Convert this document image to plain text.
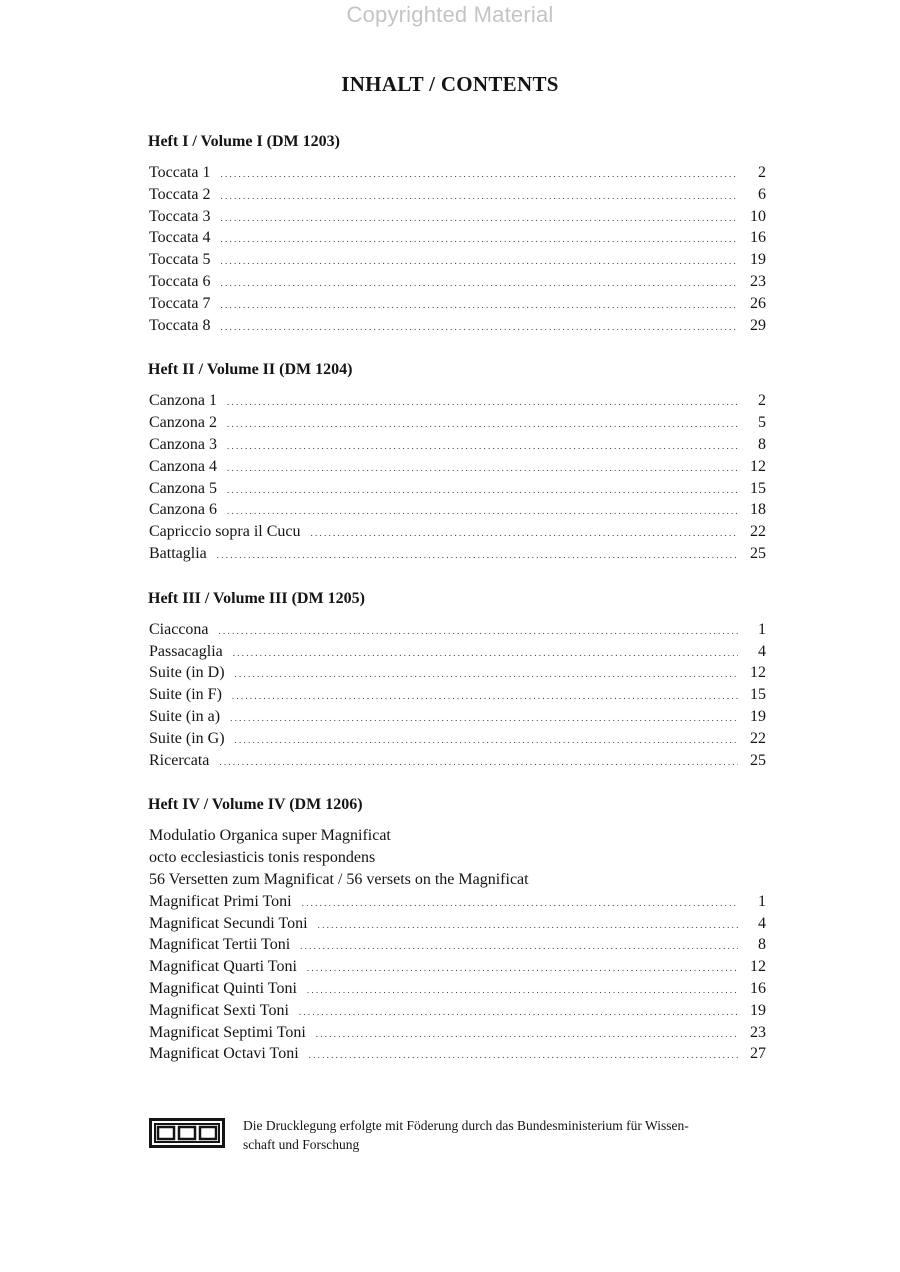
Copyrighted Material
INHALT / CONTENTS
Heft I / Volume I (DM 1203)
Toccata 1 . . .	2
Toccata 2 . . .	6
Toccata 3 . . .	10
Toccata 4 . . .	16
Toccata 5 . . .	19
Toccata 6 . . .	23
Toccata 7 . . .	26
Toccata 8 . . .	29
Heft II / Volume II (DM 1204)
Canzona 1 . . .	2
Canzona 2 . . .	5
Canzona 3 . . .	8
Canzona 4 . . .	12
Canzona 5 . . .	15
Canzona 6 . . .	18
Capriccio sopra il Cucu . . .	22
Battaglia . . .	25
Heft III / Volume III (DM 1205)
Ciaccona . . .	1
Passacaglia . . .	4
Suite (in D) . . .	12
Suite (in F) . . .	15
Suite (in a) . . .	19
Suite (in G) . . .	22
Ricercata . . .	25
Heft IV / Volume IV (DM 1206)
Modulatio Organica super Magnificat
octo ecclesiasticis tonis respondens
56 Versetten zum Magnificat / 56 versets on the Magnificat
Magnificat Primi Toni . . .	1
Magnificat Secundi Toni . . .	4
Magnificat Tertii Toni . . .	8
Magnificat Quarti Toni . . .	12
Magnificat Quinti Toni . . .	16
Magnificat Sexti Toni . . .	19
Magnificat Septimi Toni . . .	23
Magnificat Octavi Toni . . .	27
Die Drucklegung erfolgte mit Föderung durch das Bundesministerium für Wissen-
schaft und Forschung
